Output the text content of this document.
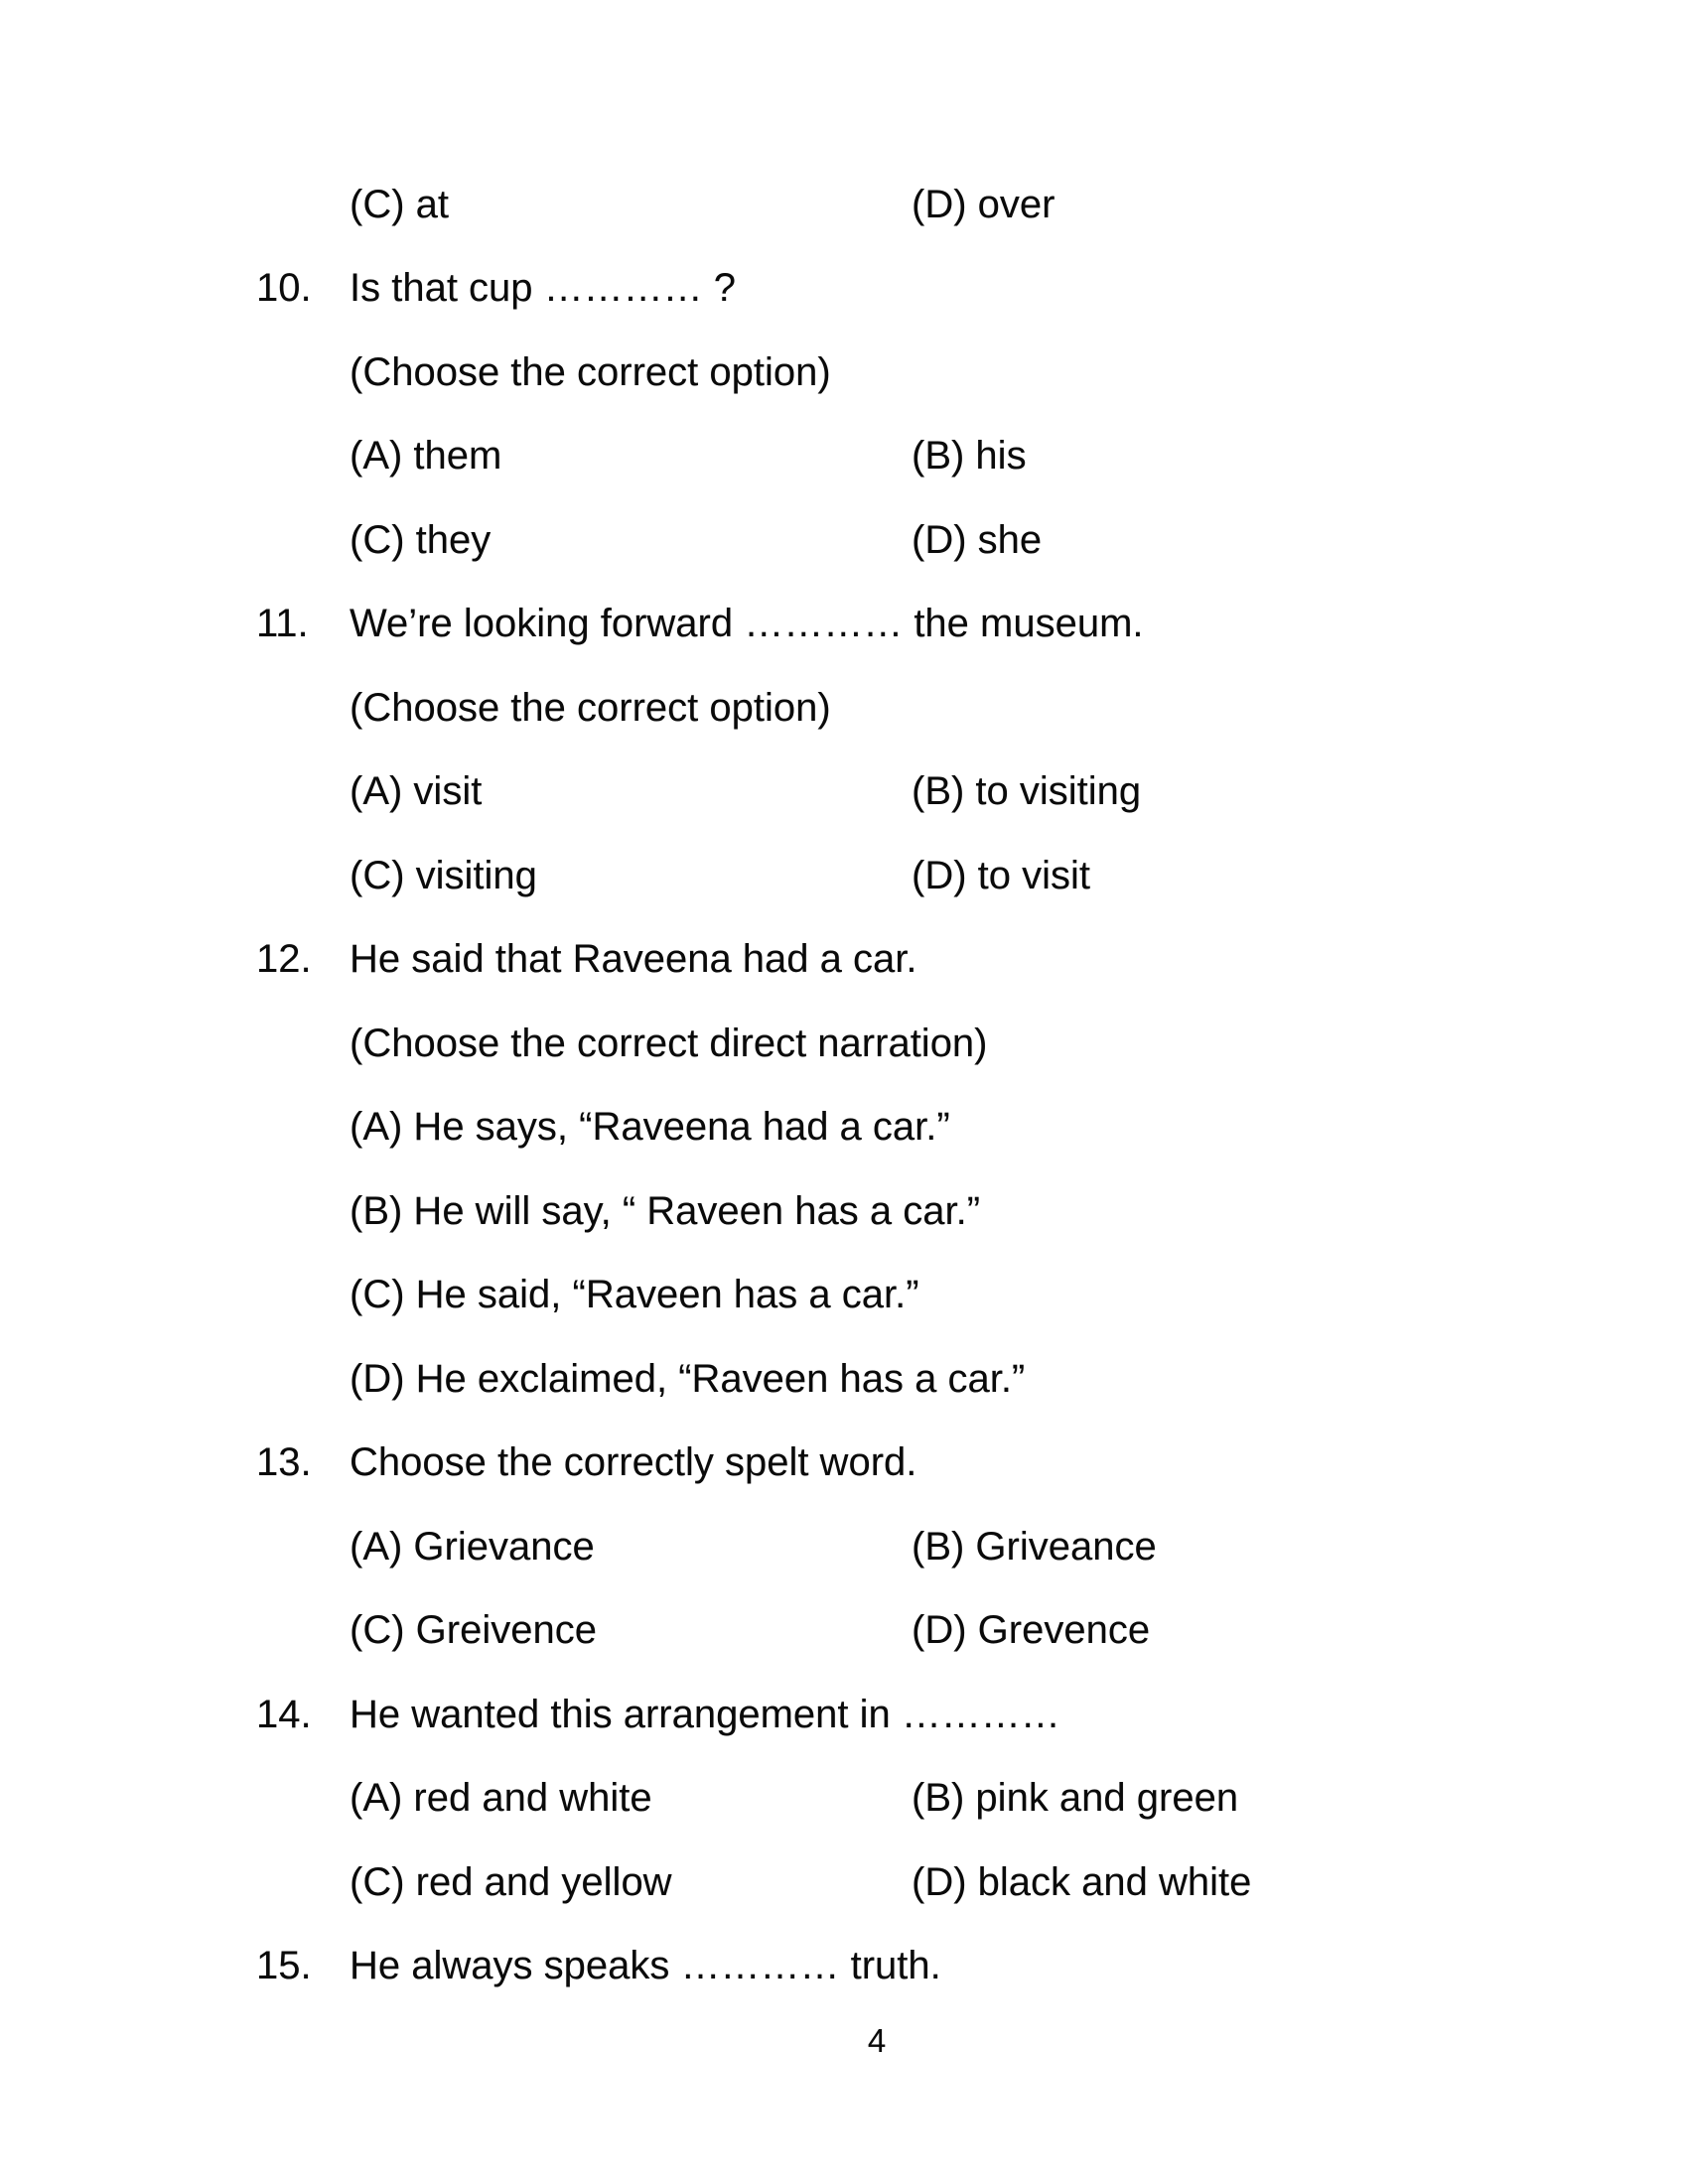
(C) at	(D) over
10. Is that cup ………… ?
(Choose the correct option)
(A) them	(B) his
(C) they	(D) she
11.	We’re looking forward ………… the museum.
(Choose the correct option)
(A) visit	(B) to visiting
(C) visiting	(D) to visit
12. He said that Raveena had a car.
(Choose the correct direct narration)
(A) He says, “Raveena had a car.”
(B) He will say, “ Raveen has a car.”
(C) He said, “Raveen has a car.”
(D) He exclaimed, “Raveen has a car.”
13. Choose the correctly spelt word.
(A) Grievance	(B) Griveance
(C) Greivence	(D) Grevence
14. He wanted this arrangement in …………
(A) red and white	(B) pink and green
(C) red and yellow	(D) black and white
15. He always speaks ………… truth.
4
